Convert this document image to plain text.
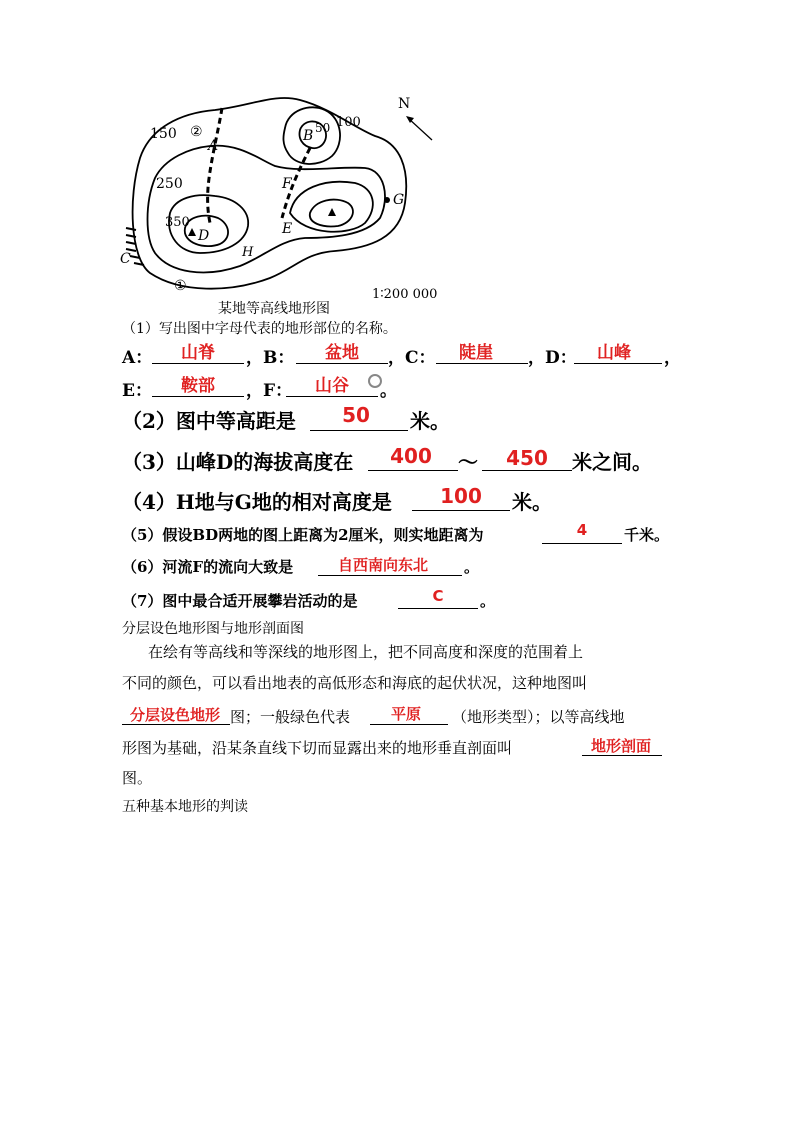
N
100
150
250
350
50
A
B
C
D	E
F
G
H
②
①
1∶200 000
某地等高线地形图
（1）写出图中字母代表的地形部位的名称。
A：	山脊	，B：	盆地	，C：	陡崖	，D：	山峰	，
E：	鞍部	，F：	山谷	。
（2）图中等高距是	50	米。
（3）山峰D的海拔高度在	400	～	450	米之间。
（4）H地与G地的相对高度是	100	米。
（5）假设BD两地的图上距离为2厘米，则实地距离为	4	千米。
（6）河流F的流向大致是	自西南向东北	。
（7）图中最合适开展攀岩活动的是	C	。
分层设色地形图与地形剖面图
在绘有等高线和等深线的地形图上，把不同高度和深度的范围着上
不同的颜色，可以看出地表的高低形态和海底的起伏状况，这种地图叫
分层设色地形 图；一般绿色代表	平原	（地形类型）；以等高线地
形图为基础，沿某条直线下切而显露出来的地形垂直剖面叫	地形剖面
图。
五种基本地形的判读
